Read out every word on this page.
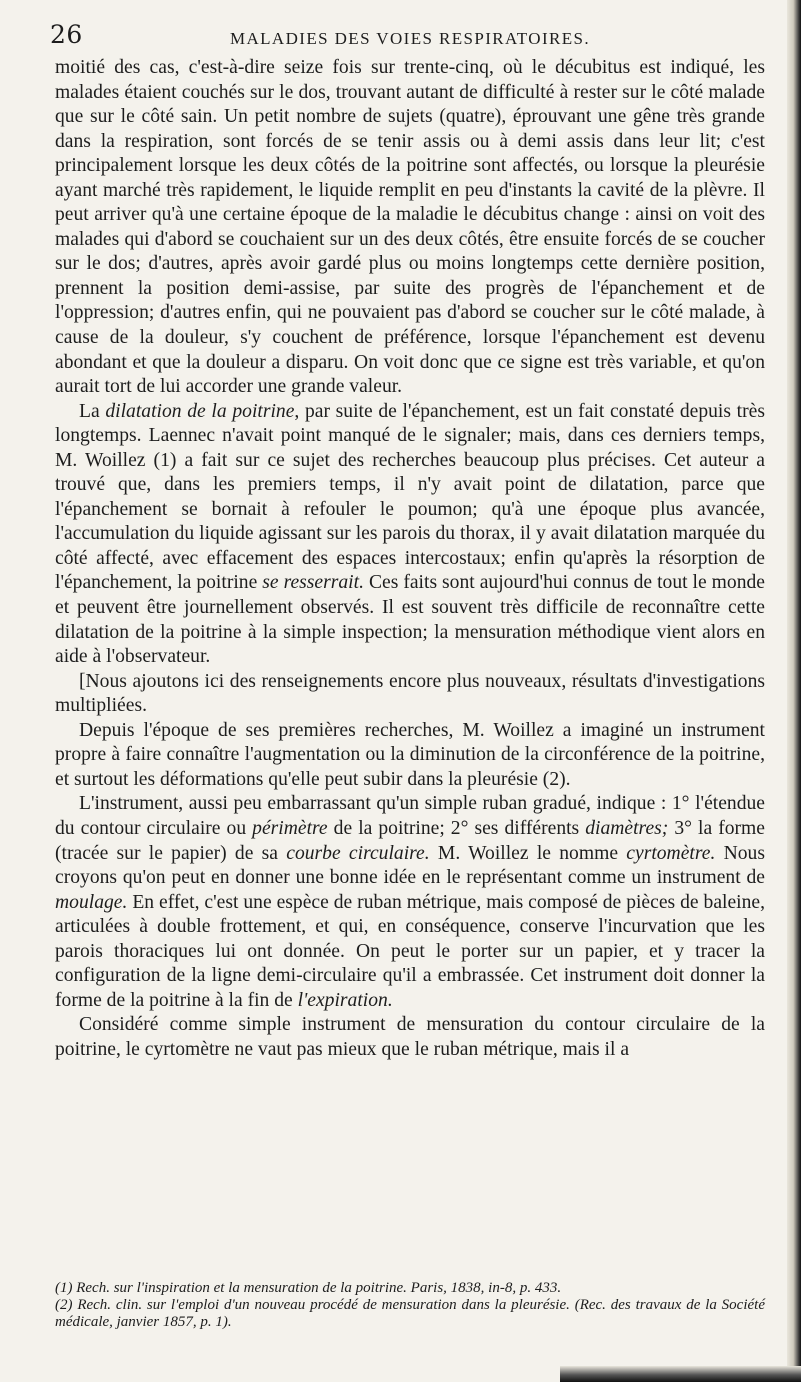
26	MALADIES DES VOIES RESPIRATOIRES.

moitié des cas, c'est-à-dire seize fois sur trente-cinq, où le décubitus est indiqué, les malades étaient couchés sur le dos, trouvant autant de difficulté à rester sur le côté malade que sur le côté sain. Un petit nombre de sujets (quatre), éprouvant une gêne très grande dans la respiration, sont forcés de se tenir assis ou à demi assis dans leur lit; c'est principalement lorsque les deux côtés de la poitrine sont affectés, ou lorsque la pleurésie ayant marché très rapidement, le liquide remplit en peu d'instants la cavité de la plèvre. Il peut arriver qu'à une certaine époque de la maladie le décubitus change : ainsi on voit des malades qui d'abord se couchaient sur un des deux côtés, être ensuite forcés de se coucher sur le dos; d'autres, après avoir gardé plus ou moins longtemps cette dernière position, prennent la position demi-assise, par suite des progrès de l'épanchement et de l'oppression; d'autres enfin, qui ne pouvaient pas d'abord se coucher sur le côté malade, à cause de la douleur, s'y couchent de préférence, lorsque l'épanchement est devenu abondant et que la douleur a disparu. On voit donc que ce signe est très variable, et qu'on aurait tort de lui accorder une grande valeur.

La dilatation de la poitrine, par suite de l'épanchement, est un fait constaté depuis très longtemps. Laennec n'avait point manqué de le signaler; mais, dans ces derniers temps, M. Woillez (1) a fait sur ce sujet des recherches beaucoup plus précises. Cet auteur a trouvé que, dans les premiers temps, il n'y avait point de dilatation, parce que l'épanchement se bornait à refouler le poumon; qu'à une époque plus avancée, l'accumulation du liquide agissant sur les parois du thorax, il y avait dilatation marquée du côté affecté, avec effacement des espaces intercostaux; enfin qu'après la résorption de l'épanchement, la poitrine se resserrait. Ces faits sont aujourd'hui connus de tout le monde et peuvent être journellement observés. Il est souvent très difficile de reconnaître cette dilatation de la poitrine à la simple inspection; la mensuration méthodique vient alors en aide à l'observateur.

[Nous ajoutons ici des renseignements encore plus nouveaux, résultats d'investigations multipliées.

Depuis l'époque de ses premières recherches, M. Woillez a imaginé un instrument propre à faire connaître l'augmentation ou la diminution de la circonférence de la poitrine, et surtout les déformations qu'elle peut subir dans la pleurésie (2).

L'instrument, aussi peu embarrassant qu'un simple ruban gradué, indique : 1° l'étendue du contour circulaire ou périmètre de la poitrine; 2° ses différents diamètres; 3° la forme (tracée sur le papier) de sa courbe circulaire. M. Woillez le nomme cyrtomètre. Nous croyons qu'on peut en donner une bonne idée en le représentant comme un instrument de moulage. En effet, c'est une espèce de ruban métrique, mais composé de pièces de baleine, articulées à double frottement, et qui, en conséquence, conserve l'incurvation que les parois thoraciques lui ont donnée. On peut le porter sur un papier, et y tracer la configuration de la ligne demi-circulaire qu'il a embrassée. Cet instrument doit donner la forme de la poitrine à la fin de l'expiration.

Considéré comme simple instrument de mensuration du contour circulaire de la poitrine, le cyrtomètre ne vaut pas mieux que le ruban métrique, mais il a

(1) Rech. sur l'inspiration et la mensuration de la poitrine. Paris, 1838, in-8, p. 433.

(2) Rech. clin. sur l'emploi d'un nouveau procédé de mensuration dans la pleurésie. (Rec. des travaux de la Société médicale, janvier 1857, p. 1).
